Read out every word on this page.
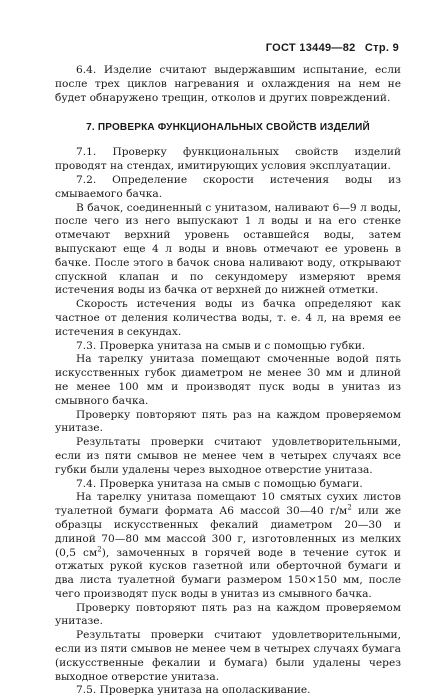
ГОСТ 13449—82 Стр. 9

6.4. Изделие считают выдержавшим испытание, если после трех циклов нагревания и охлаждения на нем не будет обнаружено трещин, отколов и других повреждений.

7. ПРОВЕРКА ФУНКЦИОНАЛЬНЫХ СВОЙСТВ ИЗДЕЛИЙ

7.1. Проверку функциональных свойств изделий проводят на стендах, имитирующих условия эксплуатации.

7.2. Определение скорости истечения воды из смываемого бачка.

В бачок, соединенный с унитазом, наливают 6—9 л воды, после чего из него выпускают 1 л воды и на его стенке отмечают верхний уровень оставшейся воды, затем выпускают еще 4 л воды и вновь отмечают ее уровень в бачке. После этого в бачок снова наливают воду, открывают спускной клапан и по секундомеру измеряют время истечения воды из бачка от верхней до нижней отметки.

Скорость истечения воды из бачка определяют как частное от деления количества воды, т. е. 4 л, на время ее истечения в секундах.

7.3. Проверка унитаза на смыв и с помощью губки.

На тарелку унитаза помещают смоченные водой пять искусственных губок диаметром не менее 30 мм и длиной не менее 100 мм и производят пуск воды в унитаз из смывного бачка.

Проверку повторяют пять раз на каждом проверяемом унитазе.

Результаты проверки считают удовлетворительными, если из пяти смывов не менее чем в четырех случаях все губки были удалены через выходное отверстие унитаза.

7.4. Проверка унитаза на смыв с помощью бумаги.

На тарелку унитаза помещают 10 смятых сухих листов туалетной бумаги формата А6 массой 30—40 $г/м^2$ или же образцы искусственных фекалий диаметром 20—30 и длиной 70—80 мм массой 300 г, изготовленных из мелких (0,5 $см^2$), замоченных в горячей воде в течение суток и отжатых рукой кусков газетной или оберточной бумаги и два листа туалетной бумаги размером 150×150 мм, после чего производят пуск воды в унитаз из смывного бачка.

Проверку повторяют пять раз на каждом проверяемом унитазе.

Результаты проверки считают удовлетворительными, если из пяти смывов не менее чем в четырех случаях бумага (искусственные фекалии и бумага) были удалены через выходное отверстие унитаза.

7.5. Проверка унитаза на ополаскивание.
